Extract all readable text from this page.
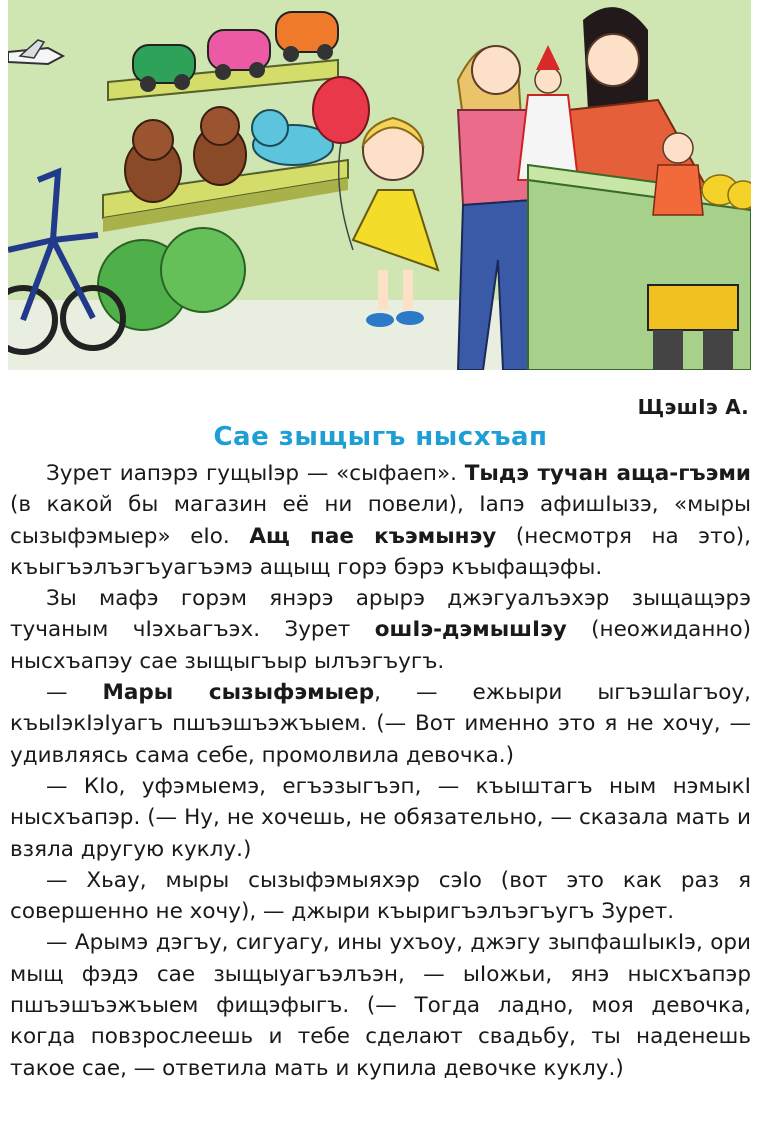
ЩэшIэ А.
Сае зыщыгъ нысхъап

Зурет иапэрэ гущыIэр — «сыфаеп». Тыдэ тучан аща-гъэми (в какой бы магазин её ни повели), Iапэ афишIызэ, «мыры сызыфэмыер» еIо. Ащ пае къэмынэу (несмотря на это), къыгъэлъэгъуагъэмэ ащыщ горэ бэрэ къыфащэфы.

Зы мафэ горэм янэрэ арырэ джэгуалъэхэр зыщащэрэ тучаным чIэхьагъэх. Зурет ошIэ-дэмышIэу (неожиданно) нысхъапэу сае зыщыгъыр ылъэгъугъ.

— Мары сызыфэмыер, — ежьыри ыгъэшIагъоу, къыIэкIэIуагъ пшъэшъэжъыем. (— Вот именно это я не хочу, — удивляясь сама себе, промолвила девочка.)

— КIо, уфэмыемэ, егъэзыгъэп, — къыштагъ ным нэмыкI нысхъапэр. (— Ну, не хочешь, не обязательно, — сказала мать и взяла другую куклу.)

— Хьау, мыры сызыфэмыяхэр сэIо (вот это как раз я совершенно не хочу), — джыри къыригъэлъэгъугъ Зурет.

— Арымэ дэгъу, сигуагу, ины ухъоу, джэгу зыпфашIыкIэ, ори мыщ фэдэ сае зыщыуагъэлъэн, — ыIожьи, янэ нысхъапэр пшъэшъэжъыем фищэфыгъ. (— Тогда ладно, моя девочка, когда повзрослеешь и тебе сделают свадьбу, ты наденешь такое сае, — ответила мать и купила девочке куклу.)
